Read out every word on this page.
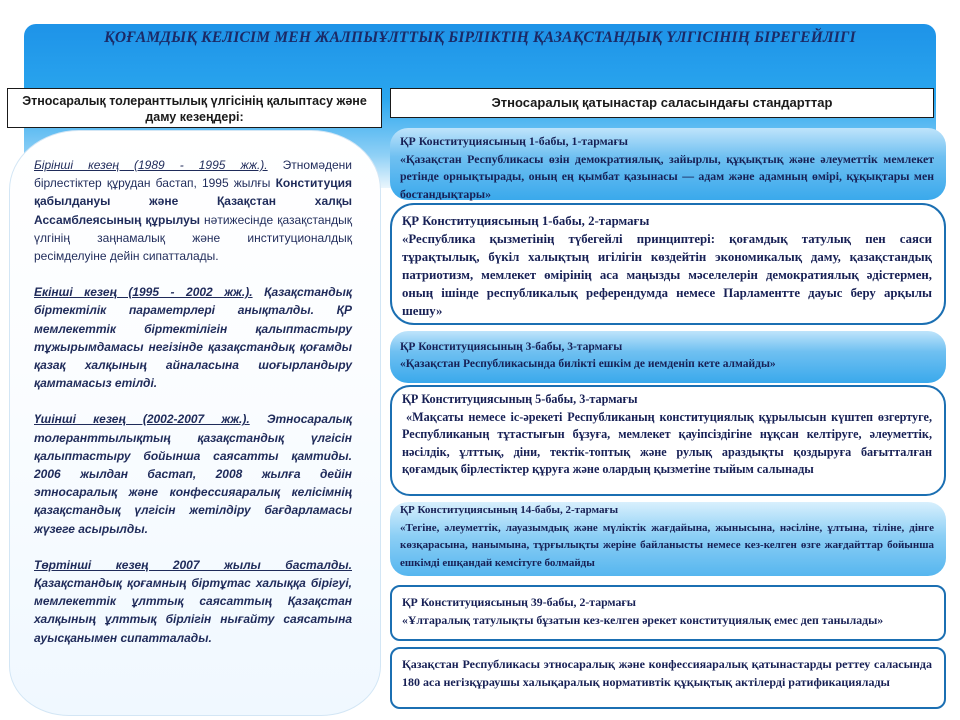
ҚОҒАМДЫҚ КЕЛІСІМ МЕН ЖАЛПЫҰЛТТЫҚ БІРЛІКТІҢ ҚАЗАҚСТАНДЫҚ ҮЛГІСІНІҢ БІРЕГЕЙЛІГІ
Этносаралық толеранттылық үлгісінің қалыптасу және даму кезеңдері:
Этносаралық қатынастар саласындағы стандарттар

Бірінші кезең (1989 - 1995 жж.). Этномәдени бірлестіктер құрудан бастап, 1995 жылғы Конституция қабылдануы және Қазақстан халқы Ассамблеясының құрылуы нәтижесінде қазақстандық үлгінің заңнамалық және институционалдық ресімделуіне дейін сипатталады.

Екінші кезең (1995 - 2002 жж.). Қазақстандық біртектілік параметрлері анықталды. ҚР мемлекеттік біртектілігін қалыптастыру тұжырымдамасы негізінде қазақстандық қоғамды қазақ халқының айналасына шоғырландыру қамтамасыз етілді.

Үшінші кезең (2002-2007 жж.). Этносаралық толеранттылықтың қазақстандық үлгісін қалыптастыру бойынша саясатты қамтиды. 2006 жылдан бастап, 2008 жылға дейін этносаралық және конфессияаралық келісімнің қазақстандық үлгісін жетілдіру бағдарламасы жүзеге асырылды.

Төртінші кезең 2007 жылы басталды. Қазақстандық қоғамның біртұтас халыққа бірігуі, мемлекеттік ұлттық саясаттың Қазақстан халқының ұлттық бірлігін нығайту саясатына ауысқанымен сипатталады.

ҚР Конституциясының 1-бабы, 1-тармағы
«Қазақстан Республикасы өзін демократиялық, зайырлы, құқықтық және әлеуметтік мемлекет ретінде орнықтырады, оның ең қымбат қазынасы — адам және адамның өмірі, құқықтары мен бостандықтары»
ҚР Конституциясының 1-бабы, 2-тармағы
«Республика қызметінің түбегейлі принциптері: қоғамдық татулық пен саяси тұрақтылық, бүкіл халықтың игілігін көздейтін экономикалық даму, қазақстандық патриотизм, мемлекет өмірінің аса маңызды мәселелерін демократиялық әдістермен, оның ішінде республикалық референдумда немесе Парламентте дауыс беру арқылы шешу»
ҚР Конституциясының 3-бабы, 3-тармағы
«Қазақстан Республикасында билікті ешкім де иемденіп кете алмайды»
ҚР Конституциясының 5-бабы, 3-тармағы
«Мақсаты немесе іс-әрекеті Республиканың конституциялық құрылысын күштеп өзгертуге, Республиканың тұтастығын бұзуға, мемлекет қауіпсіздігіне нұқсан келтіруге, әлеуметтік, нәсілдік, ұлттық, діни, тектік-топтық және рулық араздықты қоздыруға бағытталған қоғамдық бірлестіктер құруға және олардың қызметіне тыйым салынады
ҚР Конституциясының 14-бабы, 2-тармағы
«Тегіне, әлеуметтік, лауазымдық және мүліктік жағдайына, жынысына, нәсіліне, ұлтына, тіліне, дінге көзқарасына, нанымына, тұрғылықты жеріне байланысты немесе кез-келген өзге жағдайттар бойынша ешкімді ешқандай кемсітуге болмайды
ҚР Конституциясының 39-бабы, 2-тармағы
«Ұлтаралық татулықты бұзатын кез-келген әрекет конституциялық емес деп танылады»
Қазақстан Республикасы этносаралық және конфессияаралық қатынастарды реттеу саласында 180 аса негізқұраушы халықаралық нормативтік құқықтық актілерді ратификациялады
